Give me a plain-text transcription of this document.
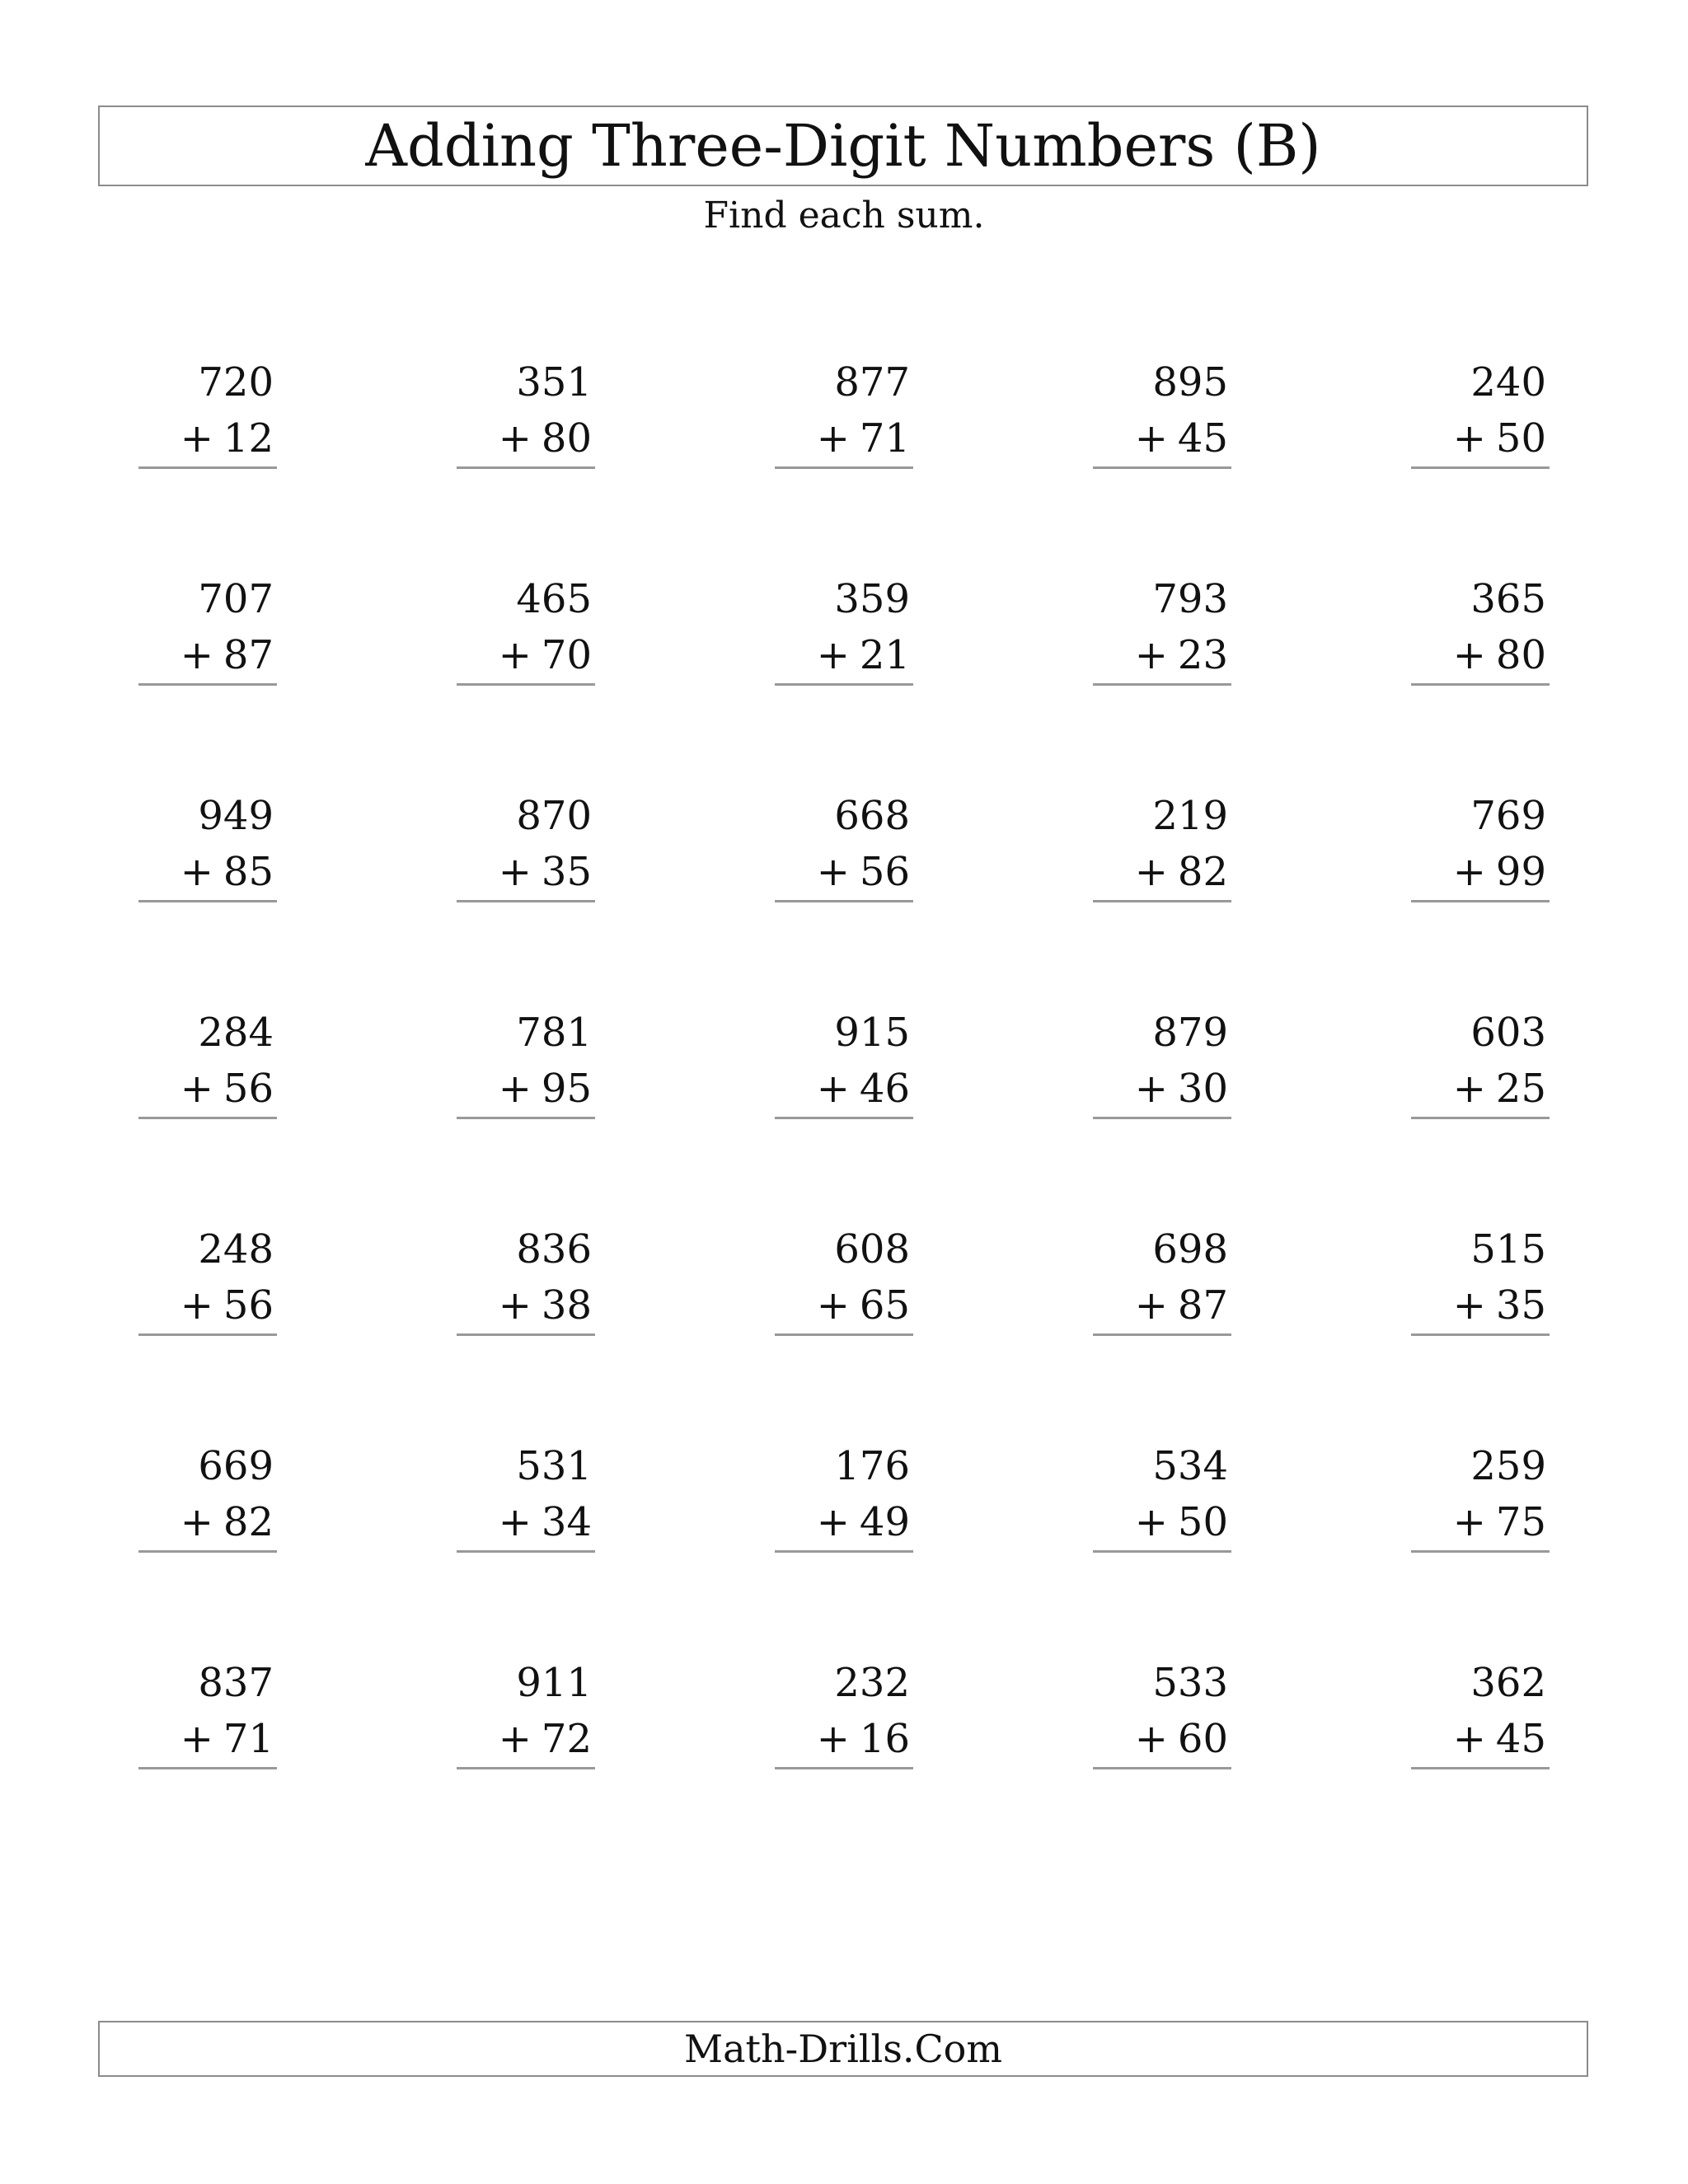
Adding Three-Digit Numbers (B)
Find each sum.
720
+ 12
351
+ 80
877
+ 71
895
+ 45
240
+ 50
707
+ 87
465
+ 70
359
+ 21
793
+ 23
365
+ 80
949
+ 85
870
+ 35
668
+ 56
219
+ 82
769
+ 99
284
+ 56
781
+ 95
915
+ 46
879
+ 30
603
+ 25
248
+ 56
836
+ 38
608
+ 65
698
+ 87
515
+ 35
669
+ 82
531
+ 34
176
+ 49
534
+ 50
259
+ 75
837
+ 71
911
+ 72
232
+ 16
533
+ 60
362
+ 45
Math-Drills.Com
